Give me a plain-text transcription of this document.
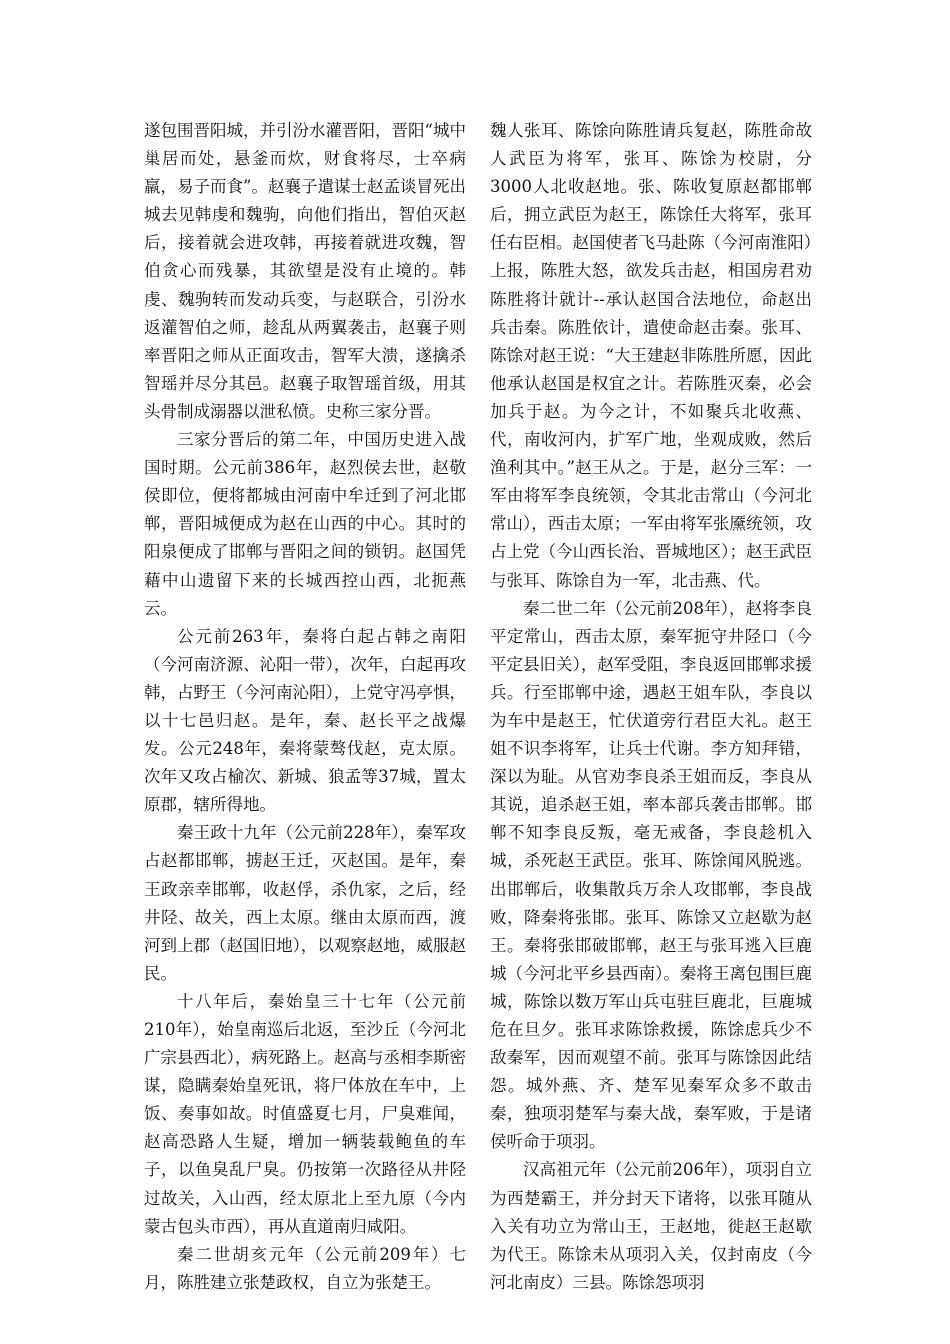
遂包围晋阳城，并引汾水灌晋阳，晋阳“城中巢居而处，悬釜而炊，财食将尽，士卒病羸，易子而食”。赵襄子遣谋士赵孟谈冒死出城去见韩虔和魏驹，向他们指出，智伯灭赵后，接着就会进攻韩，再接着就进攻魏，智伯贪心而残暴，其欲望是没有止境的。韩虔、魏驹转而发动兵变，与赵联合，引汾水返灌智伯之师，趁乱从两翼袭击，赵襄子则率晋阳之师从正面攻击，智军大溃，遂擒杀智瑶并尽分其邑。赵襄子取智瑶首级，用其头骨制成溺器以泄私愤。史称三家分晋。

三家分晋后的第二年，中国历史进入战国时期。公元前386年，赵烈侯去世，赵敬侯即位，便将都城由河南中牟迁到了河北邯郸，晋阳城便成为赵在山西的中心。其时的阳泉便成了邯郸与晋阳之间的锁钥。赵国凭藉中山遗留下来的长城西控山西，北扼燕云。

公元前263年，秦将白起占韩之南阳（今河南济源、沁阳一带），次年，白起再攻韩，占野王（今河南沁阳），上党守冯亭惧，以十七邑归赵。是年，秦、赵长平之战爆发。公元248年，秦将蒙骜伐赵，克太原。次年又攻占榆次、新城、狼孟等37城，置太原郡，辖所得地。

秦王政十九年（公元前228年），秦军攻占赵都邯郸，掳赵王迁，灭赵国。是年，秦王政亲幸邯郸，收赵俘，杀仇家，之后，经井陉、故关，西上太原。继由太原而西，渡河到上郡（赵国旧地），以观察赵地，威服赵民。

十八年后，秦始皇三十七年（公元前210年），始皇南巡后北返，至沙丘（今河北广宗县西北），病死路上。赵高与丞相李斯密谋，隐瞒秦始皇死讯，将尸体放在车中，上饭、奏事如故。时值盛夏七月，尸臭难闻，赵高恐路人生疑，增加一辆装载鲍鱼的车子，以鱼臭乱尸臭。仍按第一次路径从井陉过故关，入山西，经太原北上至九原（今内蒙古包头市西），再从直道南归咸阳。

秦二世胡亥元年（公元前209年）七月，陈胜建立张楚政权，自立为张楚王。

魏人张耳、陈馀向陈胜请兵复赵，陈胜命故人武臣为将军，张耳、陈馀为校尉，分3000人北收赵地。张、陈收复原赵都邯郸后，拥立武臣为赵王，陈馀任大将军，张耳任右臣相。赵国使者飞马赴陈（今河南淮阳）上报，陈胜大怒，欲发兵击赵，相国房君劝陈胜将计就计--承认赵国合法地位，命赵出兵击秦。陈胜依计，遣使命赵击秦。张耳、陈馀对赵王说：“大王建赵非陈胜所愿，因此他承认赵国是权宜之计。若陈胜灭秦，必会加兵于赵。为今之计，不如聚兵北收燕、代，南收河内，扩军广地，坐观成败，然后渔利其中。”赵王从之。于是，赵分三军：一军由将军李良统领，令其北击常山（今河北常山），西击太原；一军由将军张黡统领，攻占上党（今山西长治、晋城地区）；赵王武臣与张耳、陈馀自为一军，北击燕、代。

秦二世二年（公元前208年），赵将李良平定常山，西击太原，秦军扼守井陉口（今平定县旧关），赵军受阻，李良返回邯郸求援兵。行至邯郸中途，遇赵王姐车队，李良以为车中是赵王，忙伏道旁行君臣大礼。赵王姐不识李将军，让兵士代谢。李方知拜错，深以为耻。从官劝李良杀王姐而反，李良从其说，追杀赵王姐，率本部兵袭击邯郸。邯郸不知李良反叛，毫无戒备，李良趁机入城，杀死赵王武臣。张耳、陈馀闻风脱逃。出邯郸后，收集散兵万余人攻邯郸，李良战败，降秦将张邯。张耳、陈馀又立赵歇为赵王。秦将张邯破邯郸，赵王与张耳逃入巨鹿城（今河北平乡县西南）。秦将王离包围巨鹿城，陈馀以数万军山兵屯驻巨鹿北，巨鹿城危在旦夕。张耳求陈馀救援，陈馀虑兵少不敌秦军，因而观望不前。张耳与陈馀因此结怨。城外燕、齐、楚军见秦军众多不敢击秦，独项羽楚军与秦大战，秦军败，于是诸侯听命于项羽。

汉高祖元年（公元前206年），项羽自立为西楚霸王，并分封天下诸将，以张耳随从入关有功立为常山王，王赵地，徙赵王赵歇为代王。陈馀未从项羽入关，仅封南皮（今河北南皮）三县。陈馀怨项羽
